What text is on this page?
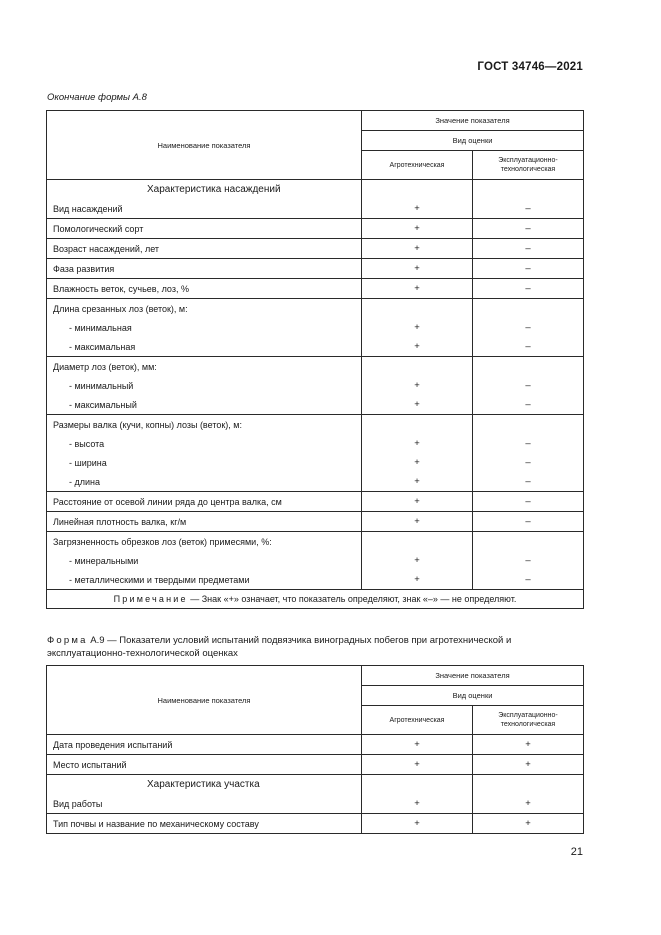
ГОСТ 34746—2021
Окончание формы А.8
Наименование показателя	Значение показателя	
	Вид оценки	
	Агротехническая	Эксплуатационно-технологическая
Характеристика насаждений		
Вид насаждений	+	–
Помологический сорт	+	–
Возраст насаждений, лет	+	–
Фаза развития	+	–
Влажность веток, сучьев, лоз, %	+	–
Длина срезанных лоз (веток), м:		
- минимальная	+	–
- максимальная	+	–
Диаметр лоз (веток), мм:		
- минимальный	+	–
- максимальный	+	–
Размеры валка (кучи, копны) лозы (веток), м:		
- высота	+	–
- ширина	+	–
- длина	+	–
Расстояние от осевой линии ряда до центра валка, см	+	–
Линейная плотность валка, кг/м	+	–
Загрязненность обрезков лоз (веток) примесями, %:		
- минеральными	+	–
- металлическими и твердыми предметами	+	–
Примечание — Знак «+» означает, что показатель определяют, знак «–» — не определяют.		
Форма А.9 — Показатели условий испытаний подвязчика виноградных побегов при агротехнической и эксплуатационно-технологической оценках
Наименование показателя	Значение показателя	
	Вид оценки	
	Агротехническая	Эксплуатационно-технологическая
Дата проведения испытаний	+	+
Место испытаний	+	+
Характеристика участка		
Вид работы	+	+
Тип почвы и название по механическому составу	+	+
21
